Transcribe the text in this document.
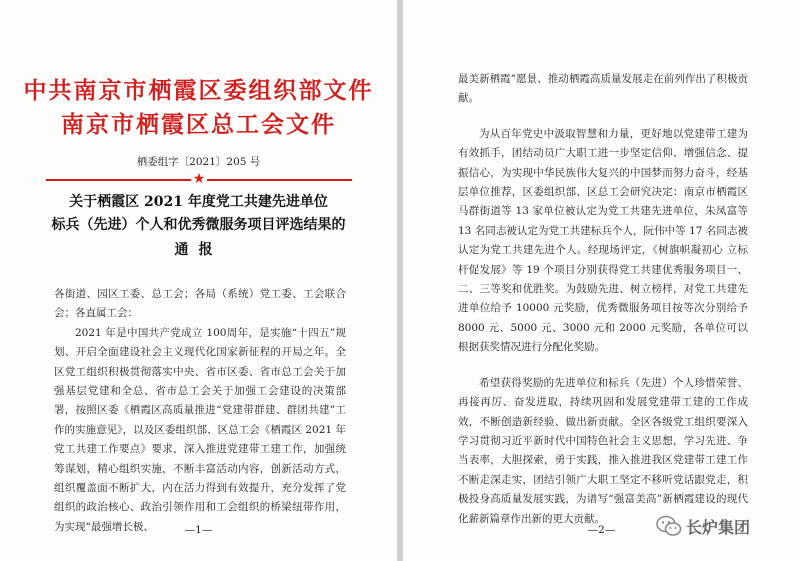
中共南京市栖霞区委组织部文件
南京市栖霞区总工会文件
栖委组字〔2021〕205 号
★
关于栖霞区 2021 年度党工共建先进单位
标兵（先进）个人和优秀微服务项目评选结果的
通报

各街道、园区工委、总工会；各局（系统）党工委、工会联合会；各直属工会：

2021 年是中国共产党成立 100周年，是实施“十四五”规划、开启全面建设社会主义现代化国家新征程的开局之年。全区党工组织积极贯彻落实中央、省市区委、省市总工会关于加强基层党建和全总、省市总工会关于加强工会建设的决策部署，按照区委《栖霞区高质量推进“党建带群建、群团共建”工作的实施意见》，以及区委组织部、区总工会《栖霞区 2021 年党工共建工作要点》要求，深入推进党建带工建工作，加强统筹谋划，精心组织实施，不断丰富活动内容，创新活动方式，组织覆盖面不断扩大，内在活力得到有效提升，充分发挥了党组织的政治核心、政治引领作用和工会组织的桥梁纽带作用，为实现“最强增长极、	—1—

最美新栖霞”愿景、推动栖霞高质量发展走在前列作出了积极贡献。

为从百年党史中汲取智慧和力量，更好地以党建带工建为有效抓手，团结动员广大职工进一步坚定信仰、增强信念、提振信心，为实现中华民族伟大复兴的中国梦而努力奋斗，经基层单位推荐，区委组织部、区总工会研究决定：南京市栖霞区马群街道等 13 家单位被认定为党工共建先进单位，朱凤富等 13 名同志被认定为党工共建标兵个人，阮伟中等 17 名同志被认定为党工共建先进个人。经现场评定，《树旗帜凝初心 立标杆促发展》等 19 个项目分别获得党工共建优秀服务项目一、二、三等奖和优胜奖。为鼓励先进、树立榜样，对党工共建先进单位给予 10000 元奖励，优秀微服务项目按等次分别给予 8000 元、5000 元、3000 元和 2000 元奖励，各单位可以根据获奖情况进行分配化奖励。

希望获得奖励的先进单位和标兵（先进）个人珍惜荣誉、再接再厉、奋发进取，持续巩固和发展党建带工建的工作成效，不断创造新经验、做出新贡献。全区各级党工组织要深入学习贯彻习近平新时代中国特色社会主义思想，学习先进、争当表率，大胆探索，勇于实践，推入推进我区党建带工建工作不断走深走实，团结引领广大职工坚定不移听党话跟党走，积极投身高质量发展实践，为谱写“强富美高”新栖霞建设的现代化薪新篇章作出新的更大贡献。

—2—	长炉集团
